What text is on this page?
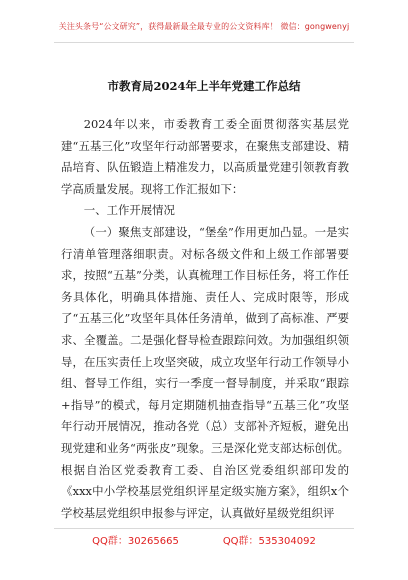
关注头条号“公文研究”，获得最新最全最专业的公文资料库！ 微信：gongwenyj
市教育局2024年上半年党建工作总结

2024年以来，市委教育工委全面贯彻落实基层党建“五基三化”攻坚年行动部署要求，在聚焦支部建设、精品培育、队伍锻造上精准发力，以高质量党建引领教育教学高质量发展。现将工作汇报如下：

一、工作开展情况

（一）聚焦支部建设，“堡垒”作用更加凸显。一是实行清单管理落细职责。对标各级文件和上级工作部署要求，按照“五基”分类，认真梳理工作目标任务，将工作任务具体化，明确具体措施、责任人、完成时限等，形成了“五基三化”攻坚年具体任务清单，做到了高标准、严要求、全覆盖。二是强化督导检查跟踪问效。为加强组织领导，在压实责任上攻坚突破，成立攻坚年行动工作领导小组、督导工作组，实行一季度一督导制度，并采取“跟踪+指导”的模式，每月定期随机抽查指导“五基三化”攻坚年行动开展情况，推动各党（总）支部补齐短板，避免出现党建和业务“两张皮”现象。三是深化党支部达标创优。根据自治区党委教育工委、自治区党委组织部印发的《xxx中小学校基层党组织评星定级实施方案》，组织x个学校基层党组织申报参与评定，认真做好星级党组织评

QQ群：30265665	QQ群：535304092
